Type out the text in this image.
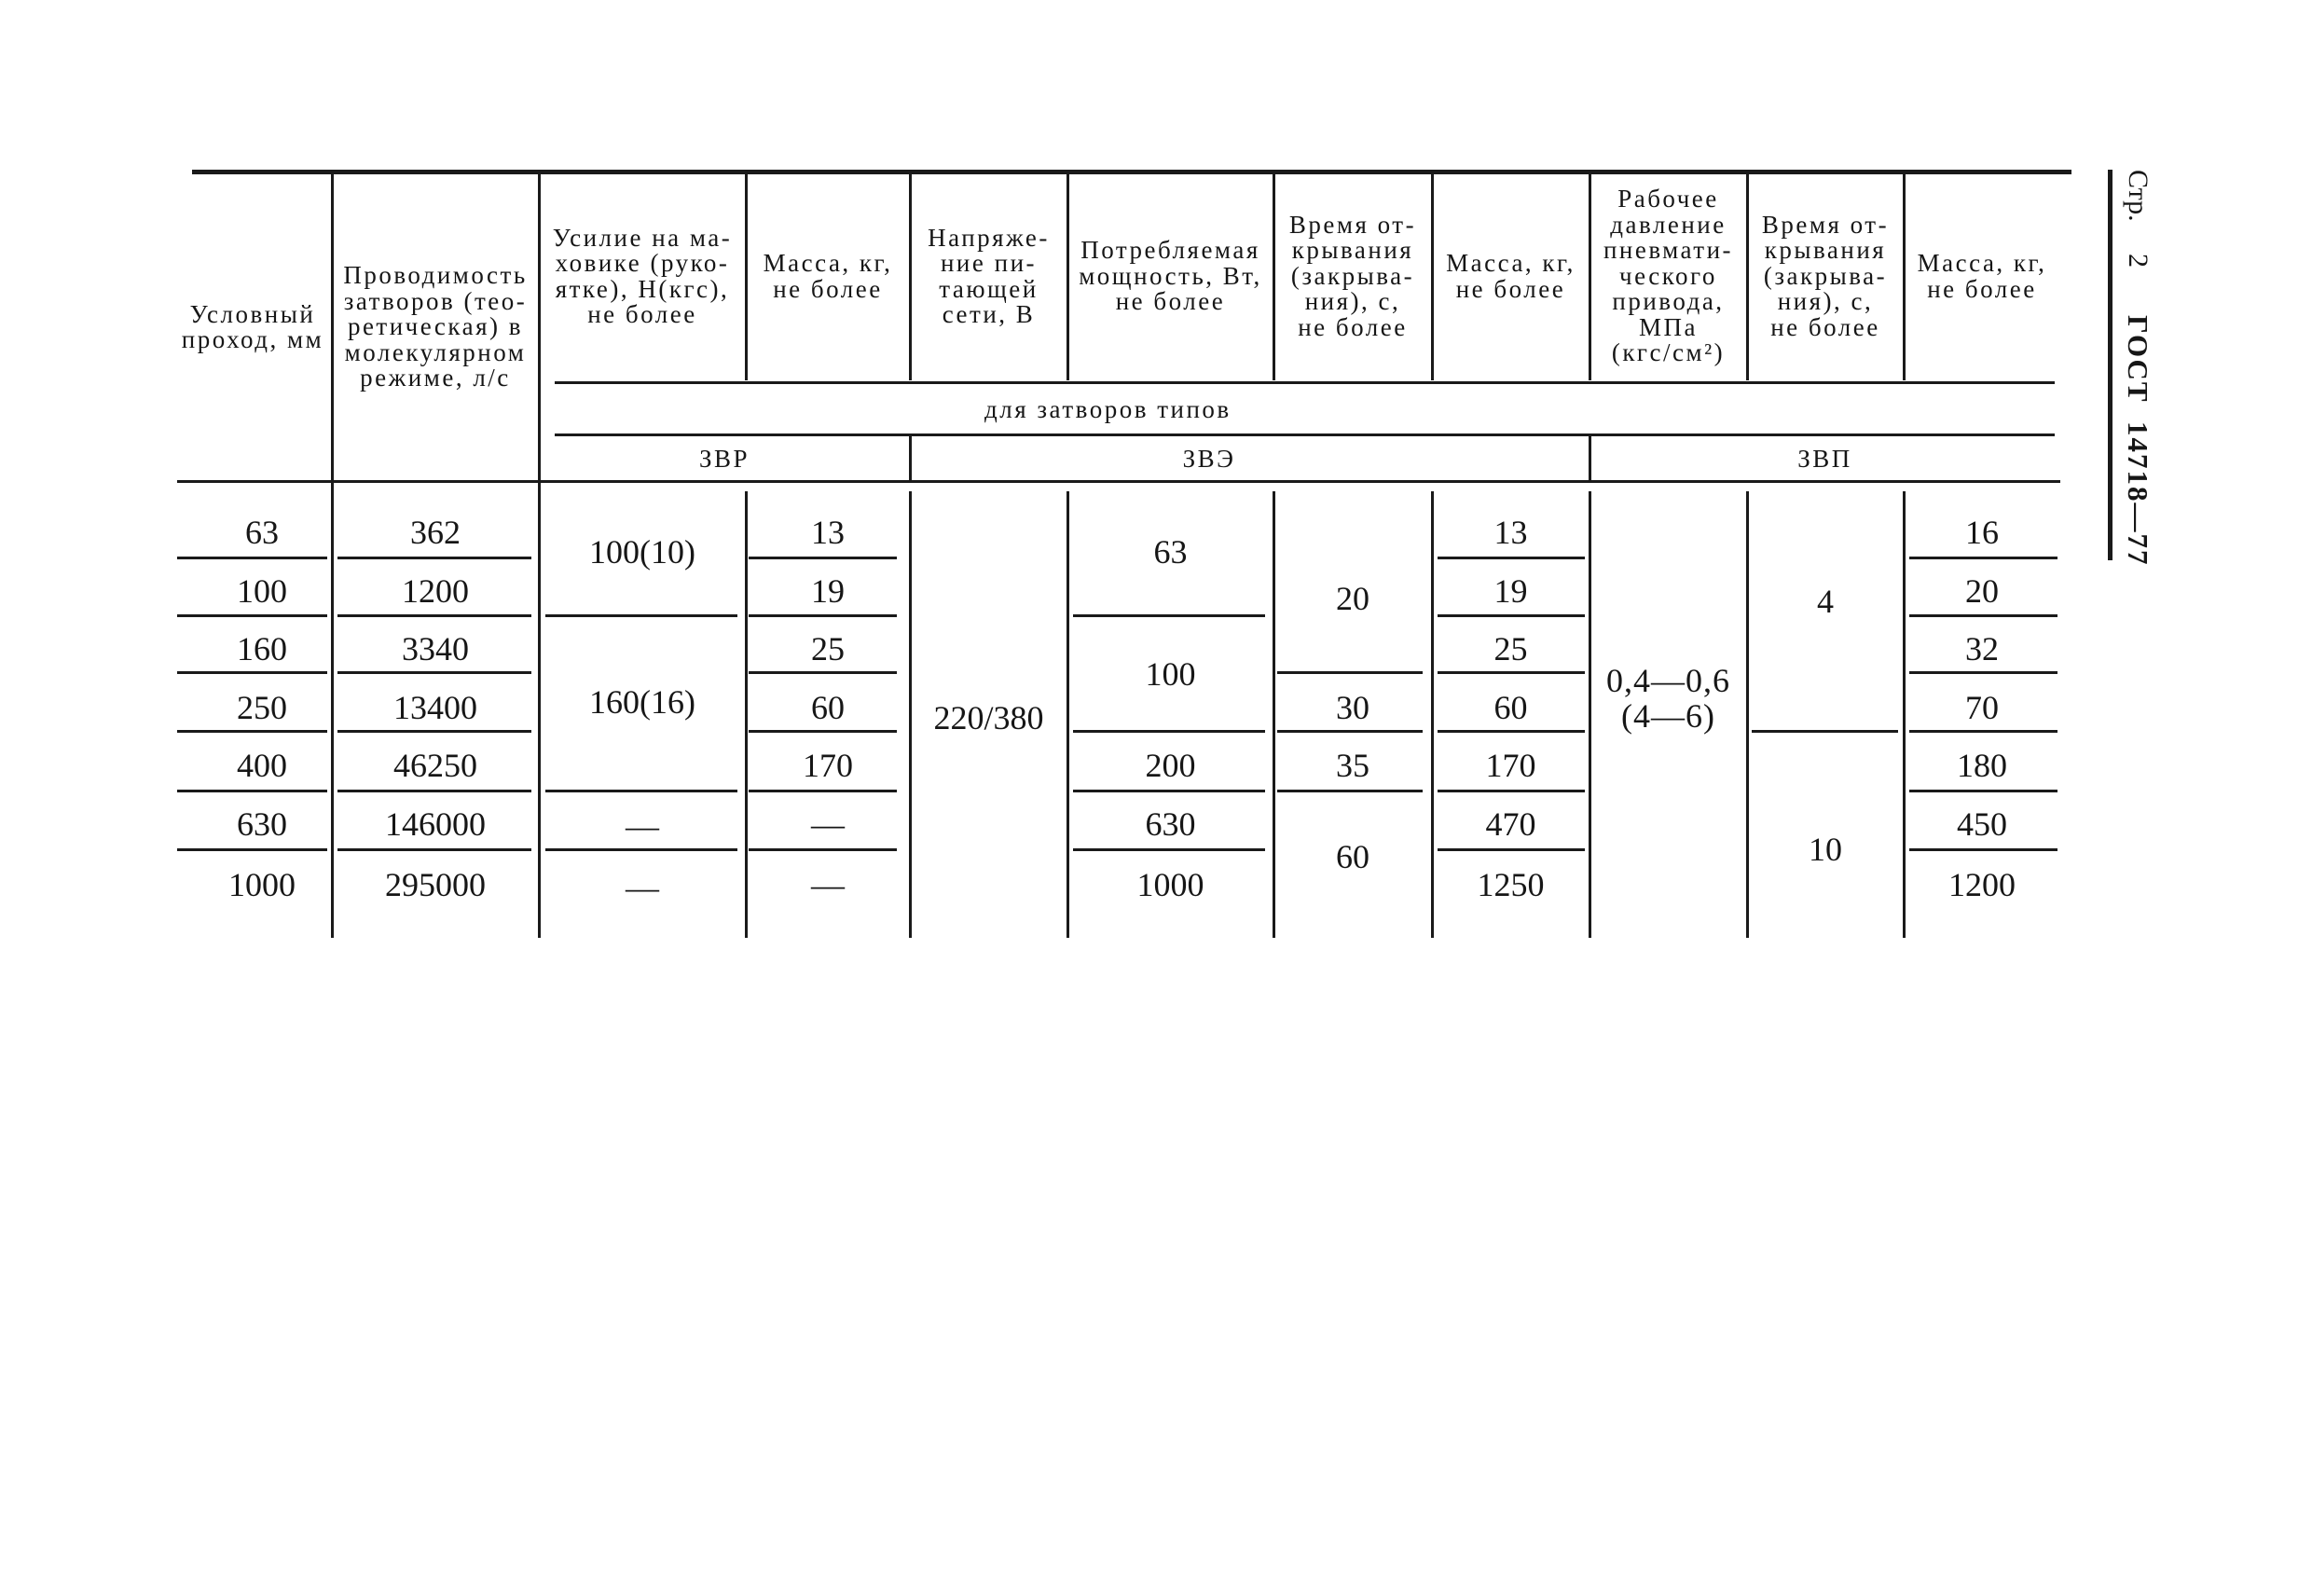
Стр.
2
ГОСТ
14718—77
Условный
проход, мм
Проводимость
затворов (тео-
ретическая) в
молекулярном
режиме, л/с
Усилие на ма-
ховике (руко-
ятке), Н(кгс),
не более
Масса, кг,
не более
Напряже-
ние пи-
тающей
сети, В
Потребляемая
мощность, Вт,
не более
Время от-
крывания
(закрыва-
ния), с,
не более
Масса, кг,
не более
Рабочее
давление
пневмати-
ческого
привода,
МПа
(кгс/см²)
Время от-
крывания
(закрыва-
ния), с,
не более
Масса, кг,
не более
для затворов типов
ЗВР	ЗВЭ	ЗВП
63
100
160
250
400
630
1000
362
1200
3340
13400
46250
146000
295000
100(10)
160(16)
—
—
13
19
25
60
170
—
—
220/380
63
100
200
630
1000
20
30
35
60
13
19
25
60
170
470
1250
0,4—0,6
(4—6)
4
10
16
20
32
70
180
450
1200
